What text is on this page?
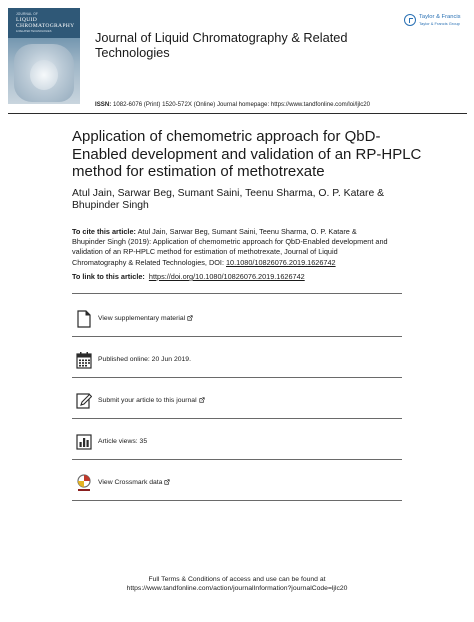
JOURNAL OF
LIQUID
CHROMATOGRAPHY
& RELATED TECHNOLOGIES	Journal of Liquid Chromatography & Related Technologies
Taylor & Francis
Taylor & Francis Group
ISSN: 1082-6076 (Print) 1520-572X (Online) Journal homepage: https://www.tandfonline.com/loi/ljlc20
Application of chemometric approach for QbD-Enabled development and validation of an RP-HPLC method for estimation of methotrexate
Atul Jain, Sarwar Beg, Sumant Saini, Teenu Sharma, O. P. Katare & Bhupinder Singh
To cite this article: Atul Jain, Sarwar Beg, Sumant Saini, Teenu Sharma, O. P. Katare & Bhupinder Singh (2019): Application of chemometric approach for QbD-Enabled development and validation of an RP-HPLC method for estimation of methotrexate, Journal of Liquid Chromatography & Related Technologies, DOI: 10.1080/10826076.2019.1626742
To link to this article: https://doi.org/10.1080/10826076.2019.1626742
View supplementary material
Published online: 20 Jun 2019.
Submit your article to this journal
Article views: 35
View Crossmark data
Full Terms & Conditions of access and use can be found at
https://www.tandfonline.com/action/journalInformation?journalCode=ljlc20
